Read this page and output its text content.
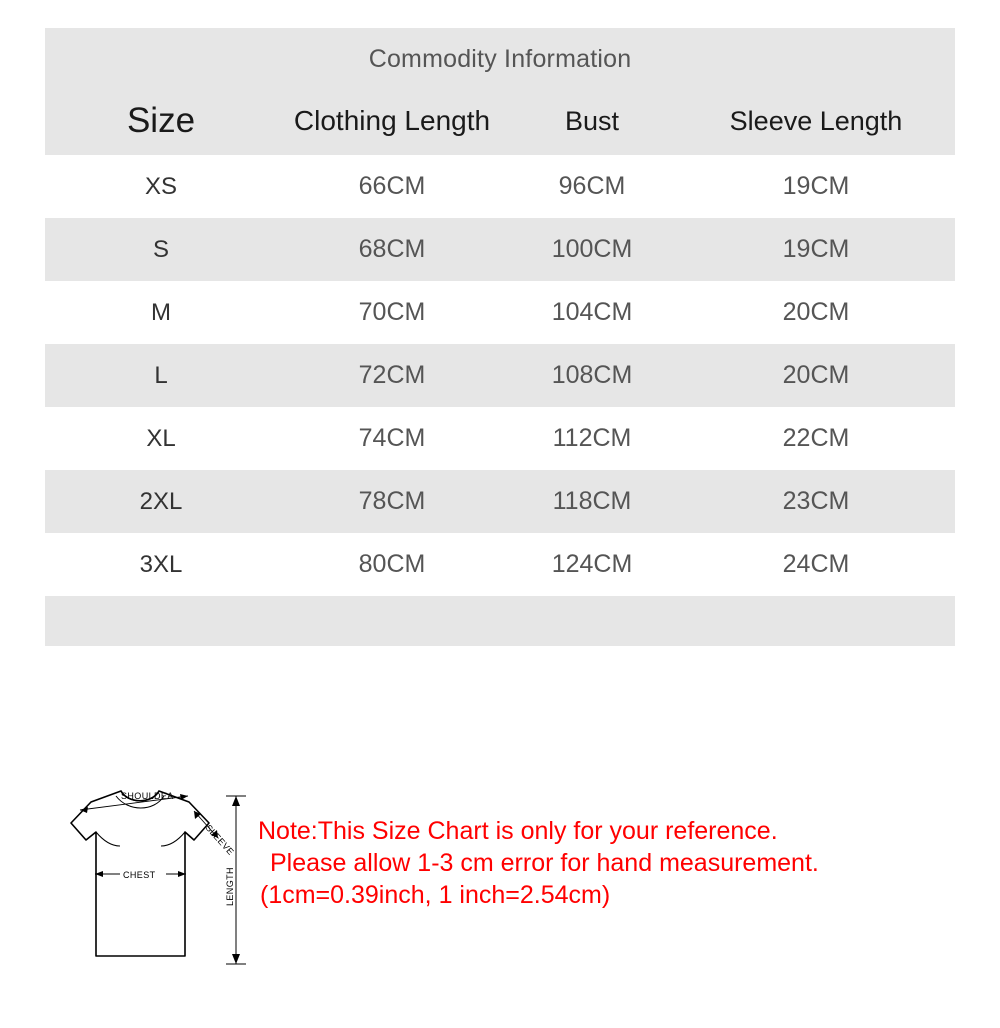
Commodity Information			
Size	Clothing Length	Bust	Sleeve Length
XS	66CM	96CM	19CM
S	68CM	100CM	19CM
M	70CM	104CM	20CM
L	72CM	108CM	20CM
XL	74CM	112CM	22CM
2XL	78CM	118CM	23CM
3XL	80CM	124CM	24CM

SHOULDEA
SLEEVE
CHEST	LENGTH
Note:This Size Chart is only for your reference.
Please allow 1-3 cm error for hand measurement.
(1cm=0.39inch, 1 inch=2.54cm)
